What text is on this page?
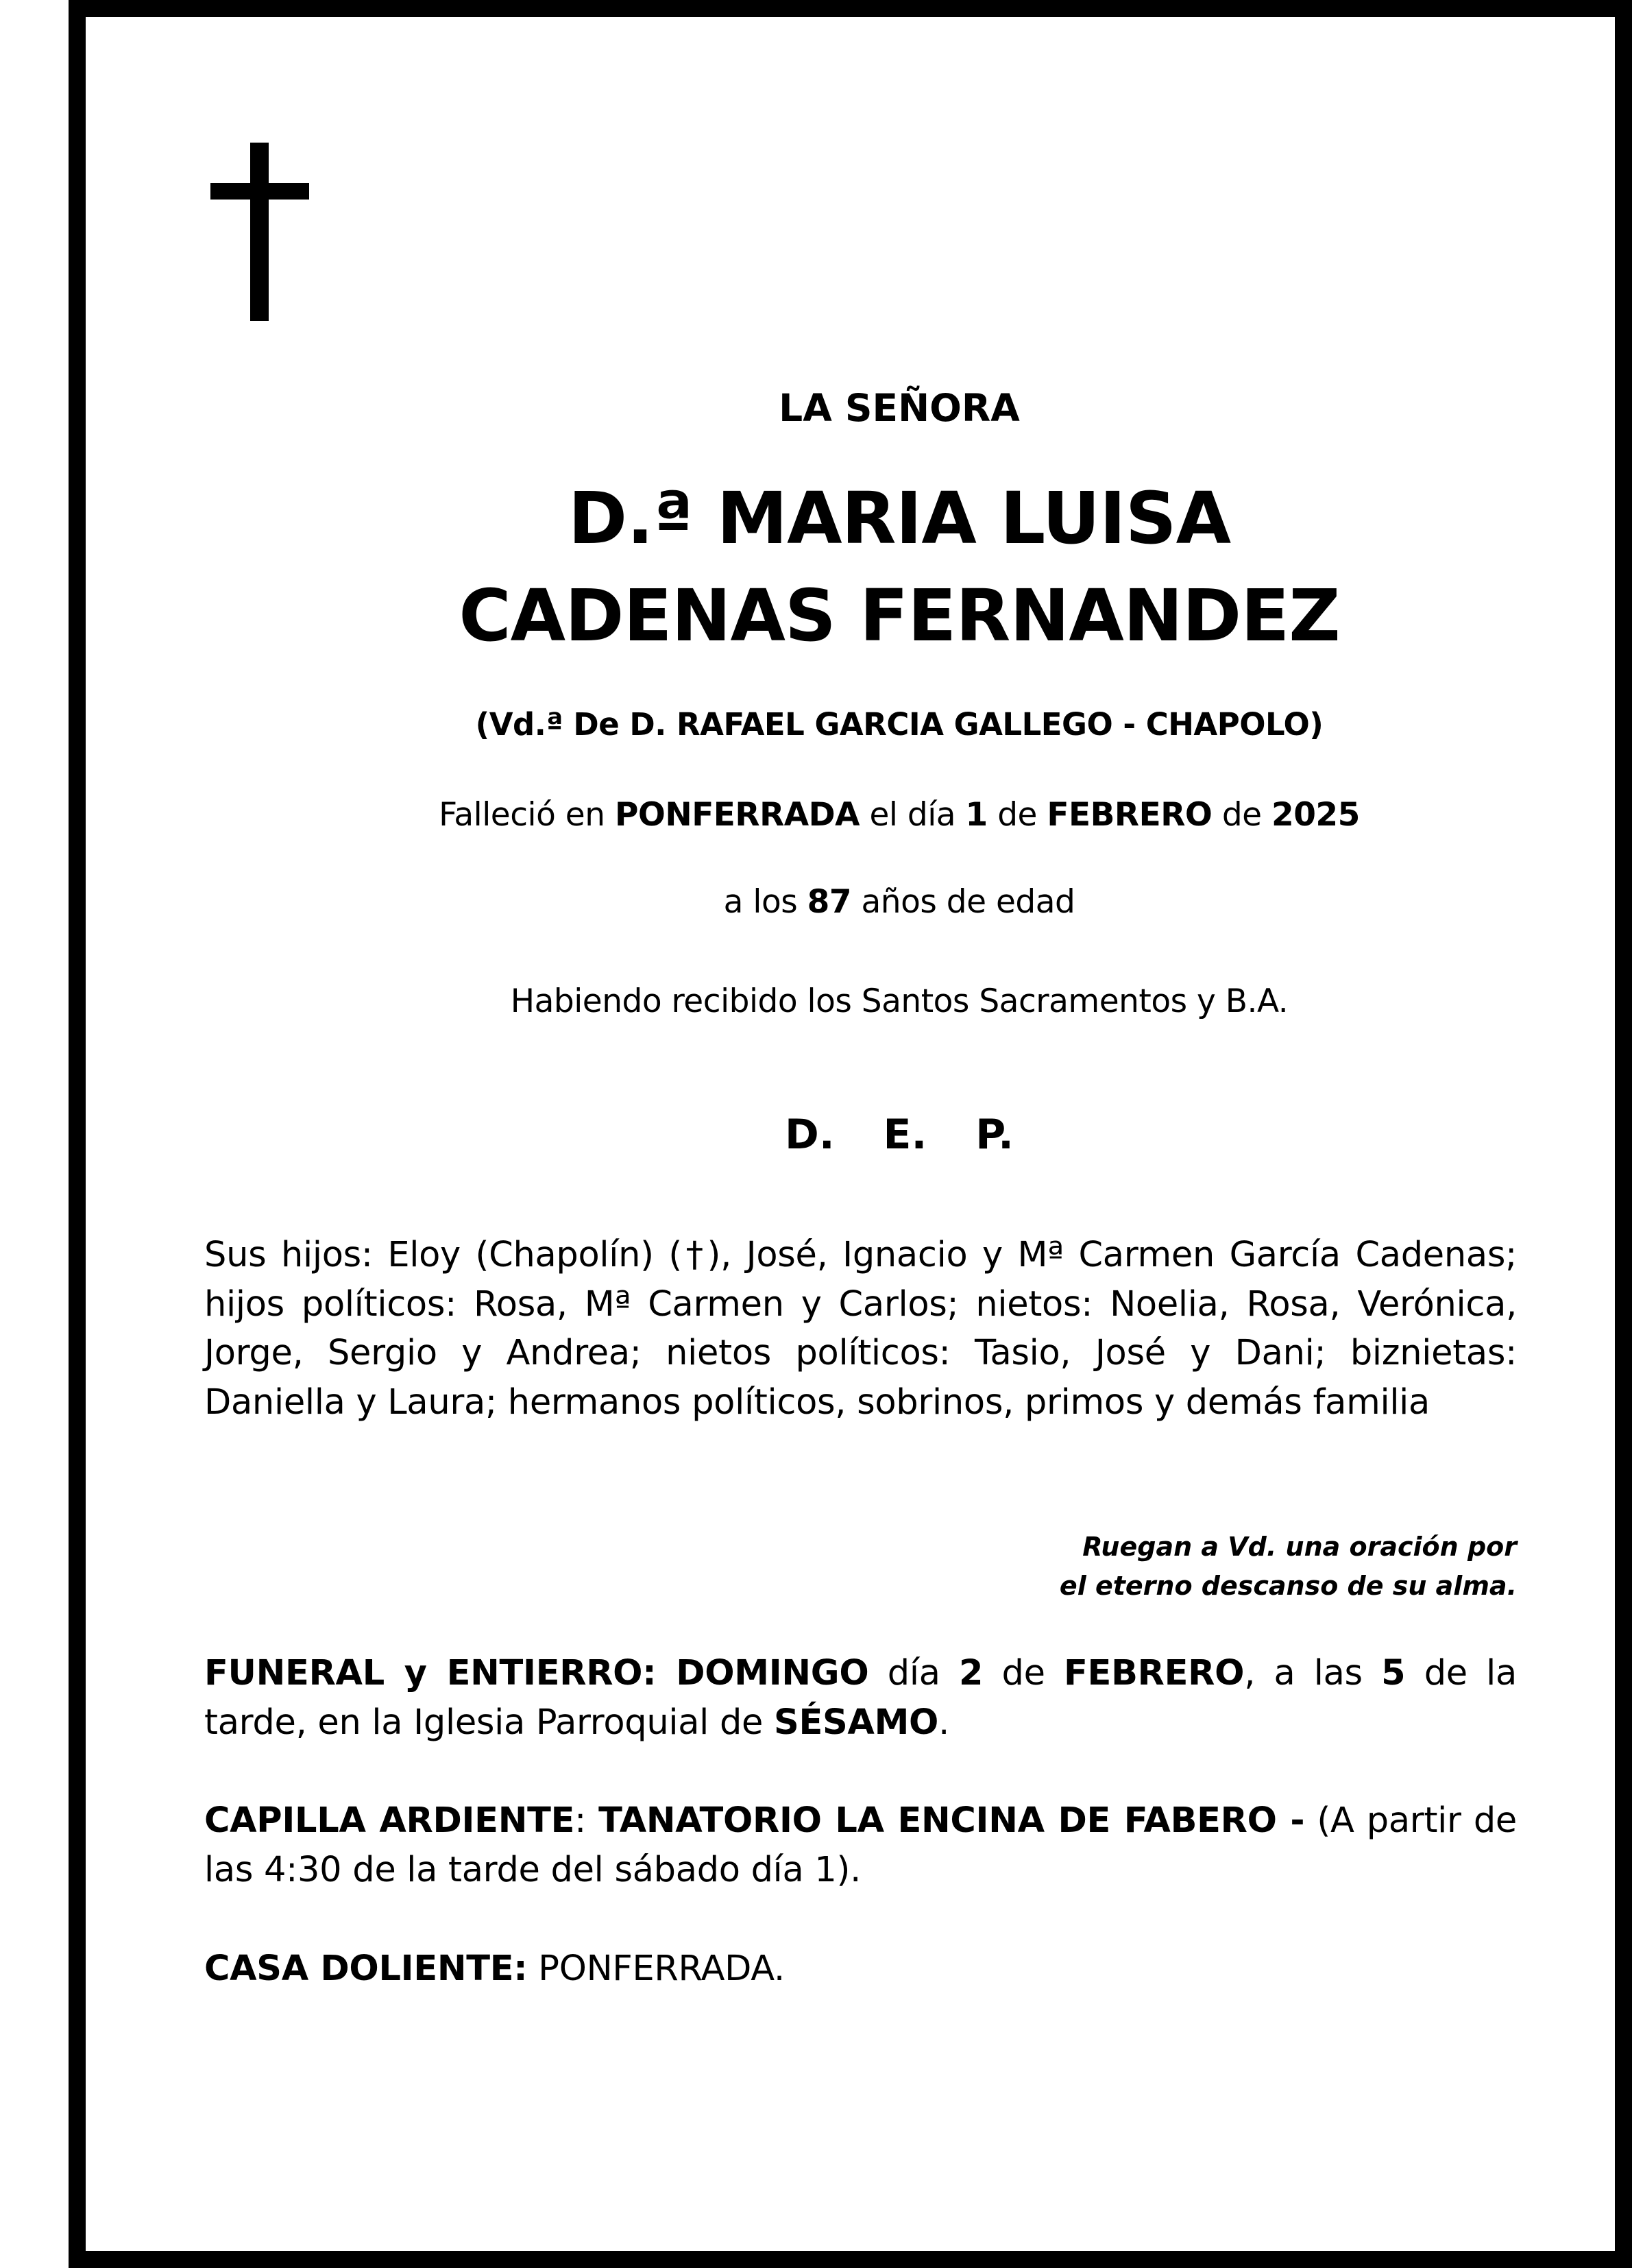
LA SEÑORA
D.ª MARIA LUISA
CADENAS FERNANDEZ
(Vd.ª De D. RAFAEL GARCIA GALLEGO - CHAPOLO)
Falleció en PONFERRADA el día 1 de FEBRERO de 2025
a los 87 años de edad
Habiendo recibido los Santos Sacramentos y B.A.
D. E. P.
Sus hijos: Eloy (Chapolín) (†), José, Ignacio y Mª Carmen García Cadenas; hijos políticos: Rosa, Mª Carmen y Carlos; nietos: Noelia, Rosa, Verónica, Jorge, Sergio y Andrea; nietos políticos: Tasio, José y Dani; biznietas: Daniella y Laura; hermanos políticos, sobrinos, primos y demás familia
Ruegan a Vd. una oración por
el eterno descanso de su alma.
FUNERAL y ENTIERRO: DOMINGO día 2 de FEBRERO, a las 5 de la tarde, en la Iglesia Parroquial de SÉSAMO.
CAPILLA ARDIENTE: TANATORIO LA ENCINA DE FABERO - (A partir de las 4:30 de la tarde del sábado día 1).
CASA DOLIENTE: PONFERRADA.
